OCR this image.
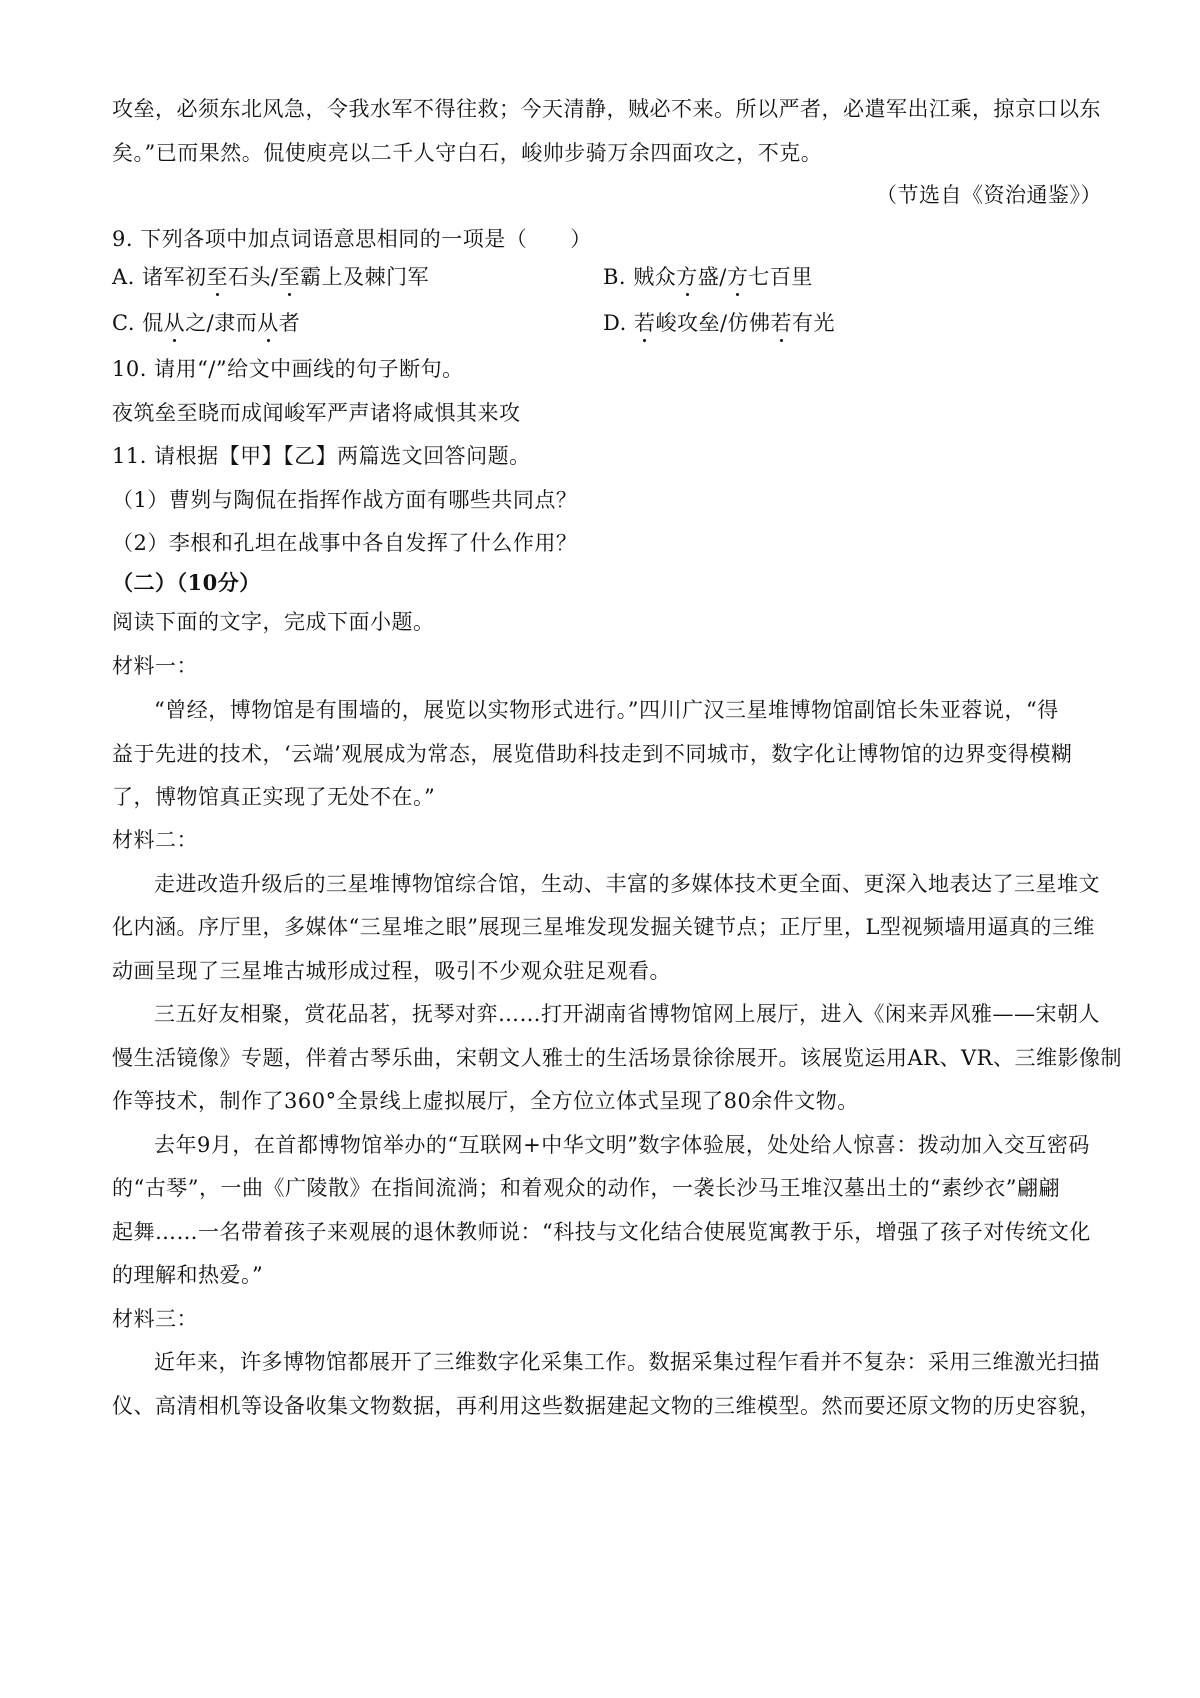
攻垒，必须东北风急，令我水军不得往救；今天清静，贼必不来。所以严者，必遣军出江乘，掠京口以东
矣。”已而果然。侃使庾亮以二千人守白石，峻帅步骑万余四面攻之，不克。
（节选自《资治通鉴》）
9. 下列各项中加点词语意思相同的一项是（　　）
A. 诸军初至石头/至霸上及棘门军	B. 贼众方盛/方七百里
C. 侃从之/隶而从者	D. 若峻攻垒/仿佛若有光
10. 请用“/”给文中画线的句子断句。
夜筑垒至晓而成闻峻军严声诸将咸惧其来攻
11. 请根据【甲】【乙】两篇选文回答问题。
（1）曹刿与陶侃在指挥作战方面有哪些共同点？
（2）李根和孔坦在战事中各自发挥了什么作用？
（二）（10分）
阅读下面的文字，完成下面小题。
材料一：
“曾经，博物馆是有围墙的，展览以实物形式进行。”四川广汉三星堆博物馆副馆长朱亚蓉说，“得
益于先进的技术，‘云端’观展成为常态，展览借助科技走到不同城市，数字化让博物馆的边界变得模糊
了，博物馆真正实现了无处不在。”
材料二：
走进改造升级后的三星堆博物馆综合馆，生动、丰富的多媒体技术更全面、更深入地表达了三星堆文
化内涵。序厅里，多媒体“三星堆之眼”展现三星堆发现发掘关键节点；正厅里，L型视频墙用逼真的三维
动画呈现了三星堆古城形成过程，吸引不少观众驻足观看。
三五好友相聚，赏花品茗，抚琴对弈……打开湖南省博物馆网上展厅，进入《闲来弄风雅——宋朝人
慢生活镜像》专题，伴着古琴乐曲，宋朝文人雅士的生活场景徐徐展开。该展览运用AR、VR、三维影像制
作等技术，制作了360°全景线上虚拟展厅，全方位立体式呈现了80余件文物。
去年9月，在首都博物馆举办的“互联网+中华文明”数字体验展，处处给人惊喜：拨动加入交互密码
的“古琴”，一曲《广陵散》在指间流淌；和着观众的动作，一袭长沙马王堆汉墓出土的“素纱衣”翩翩
起舞……一名带着孩子来观展的退休教师说：“科技与文化结合使展览寓教于乐，增强了孩子对传统文化
的理解和热爱。”
材料三：
近年来，许多博物馆都展开了三维数字化采集工作。数据采集过程乍看并不复杂：采用三维激光扫描
仪、高清相机等设备收集文物数据，再利用这些数据建起文物的三维模型。然而要还原文物的历史容貌，
